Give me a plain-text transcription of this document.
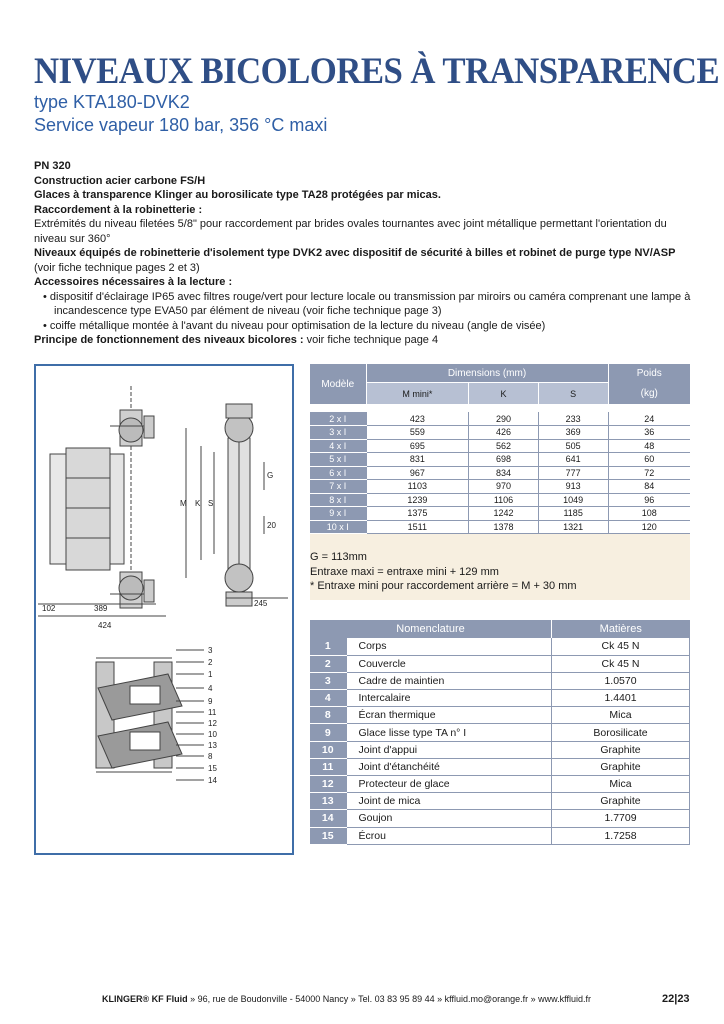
NIVEAUX BICOLORES À TRANSPARENCE
type KTA180-DVK2
Service vapeur 180 bar, 356 °C maxi
PN 320
Construction acier carbone FS/H
Glaces à transparence Klinger au borosilicate type TA28 protégées par micas.
Raccordement à la robinetterie :
Extrémités du niveau filetées 5/8" pour raccordement par brides ovales tournantes avec joint métallique permettant l'orientation du niveau sur 360°
Niveaux équipés de robinetterie d'isolement type DVK2 avec dispositif de sécurité à billes et robinet de purge type NV/ASP (voir fiche technique pages 2 et 3)
Accessoires nécessaires à la lecture :
• dispositif d'éclairage IP65 avec filtres rouge/vert pour lecture locale ou transmission par miroirs ou caméra comprenant une lampe à incandescence type EVA50 par élément de niveau (voir fiche technique page 3)
• coiffe métallique montée à l'avant du niveau pour optimisation de la lecture du niveau (angle de visée)
Principe de fonctionnement des niveaux bicolores : voir fiche technique page 4
102	389
424
245
M K S
G
20
3
2
1
4
9
11
12
10
13
8
15
14
Modèle	Dimensions (mm)			Poids
	M mini*	K	S	(kg)

2 x I	423	290	233	24
3 x I	559	426	369	36
4 x I	695	562	505	48
5 x I	831	698	641	60
6 x I	967	834	777	72
7 x I	1103	970	913	84
8 x I	1239	1106	1049	96
9 x I	1375	1242	1185	108
10 x I	1511	1378	1321	120
G = 113mm
Entraxe maxi = entraxe mini + 129 mm
* Entraxe mini pour raccordement arrière = M + 30 mm
Nomenclature		Matières
1	Corps	Ck 45 N
2	Couvercle	Ck 45 N
3	Cadre de maintien	1.0570
4	Intercalaire	1.4401
8	Écran thermique	Mica
9	Glace lisse type TA n° I	Borosilicate
10	Joint d'appui	Graphite
11	Joint d'étanchéité	Graphite
12	Protecteur de glace	Mica
13	Joint de mica	Graphite
14	Goujon	1.7709
15	Écrou	1.7258
KLINGER® KF Fluid » 96, rue de Boudonville - 54000 Nancy » Tel. 03 83 95 89 44 » kffluid.mo@orange.fr » www.kffluid.fr	22|23
